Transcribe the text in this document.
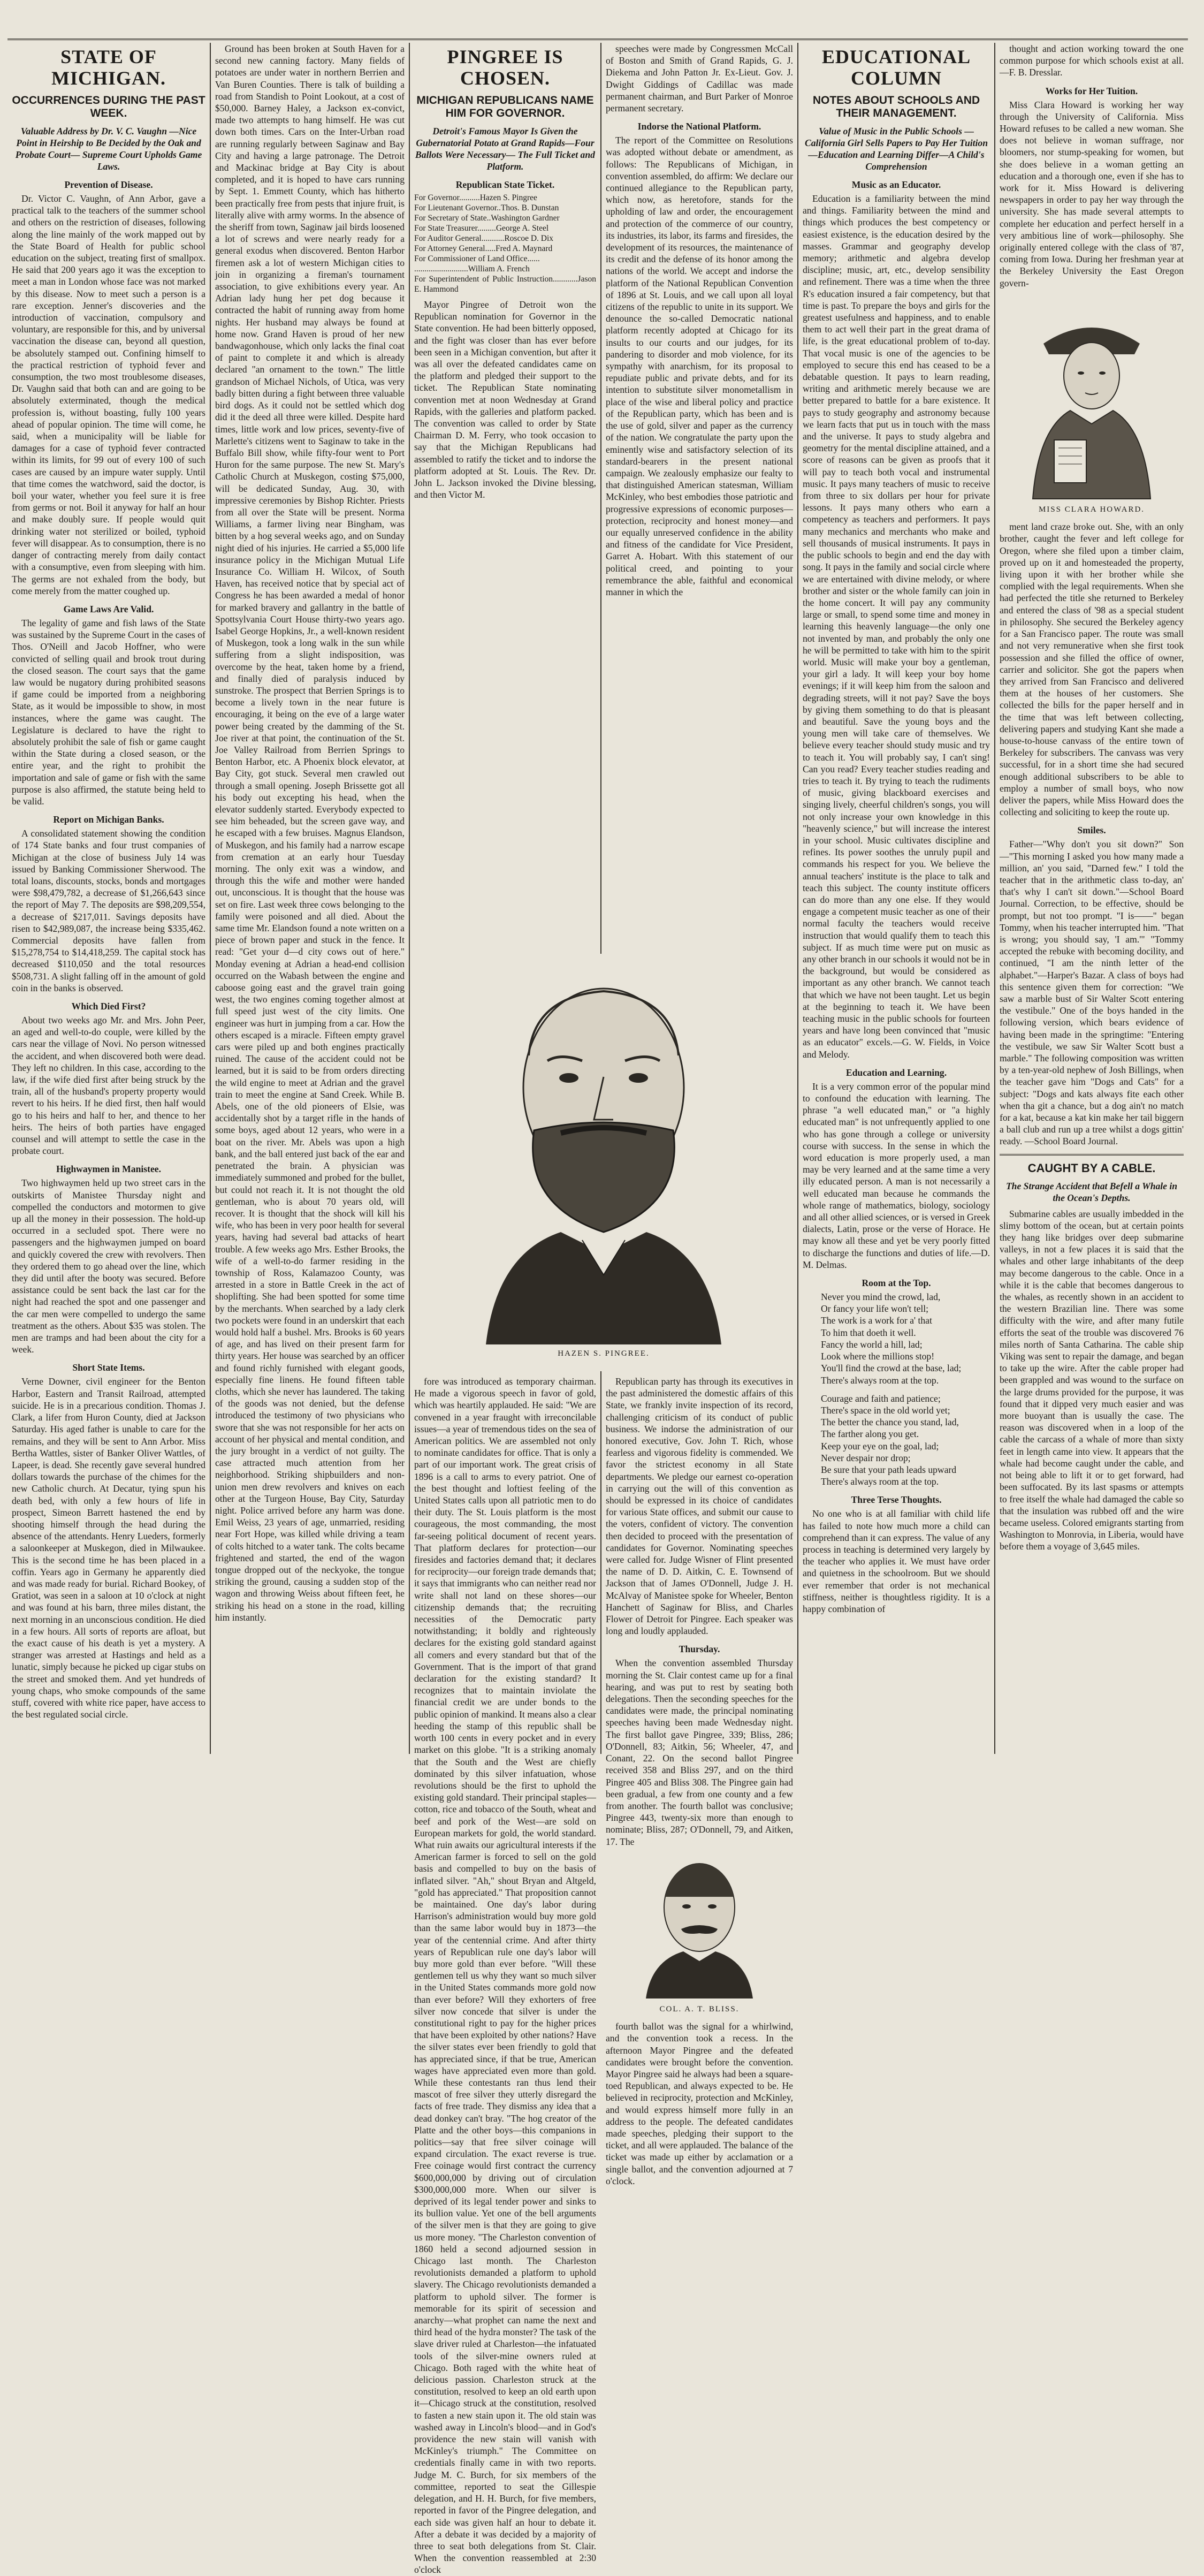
STATE OF MICHIGAN.
OCCURRENCES DURING THE PAST WEEK.
Valuable Address by Dr. V. C. Vaughn —Nice Point in Heirship to Be Decided by the Oak and Probate Court— Supreme Court Upholds Game Laws.
Prevention of Disease.

Dr. Victor C. Vaughn, of Ann Arbor, gave a practical talk to the teachers of the summer school and others on the restriction of diseases, following along the line mainly of the work mapped out by the State Board of Health for public school education on the subject, treating first of smallpox. He said that 200 years ago it was the exception to meet a man in London whose face was not marked by this disease. Now to meet such a person is a rare exception. Jenner's discoveries and the introduction of vaccination, compulsory and voluntary, are responsible for this, and by universal vaccination the disease can, beyond all question, be absolutely stamped out. Confining himself to the practical restriction of typhoid fever and consumption, the two most troublesome diseases, Dr. Vaughn said that both can and are going to be absolutely exterminated, though the medical profession is, without boasting, fully 100 years ahead of popular opinion. The time will come, he said, when a municipality will be liable for damages for a case of typhoid fever contracted within its limits, for 99 out of every 100 of such cases are caused by an impure water supply. Until that time comes the watchword, said the doctor, is boil your water, whether you feel sure it is free from germs or not. Boil it anyway for half an hour and make doubly sure. If people would quit drinking water not sterilized or boiled, typhoid fever will disappear. As to consumption, there is no danger of contracting merely from daily contact with a consumptive, even from sleeping with him. The germs are not exhaled from the body, but come merely from the matter coughed up.

Game Laws Are Valid.

The legality of game and fish laws of the State was sustained by the Supreme Court in the cases of Thos. O'Neill and Jacob Hoffner, who were convicted of selling quail and brook trout during the closed season. The court says that the game law would be nugatory during prohibited seasons if game could be imported from a neighboring State, as it would be impossible to show, in most instances, where the game was caught. The Legislature is declared to have the right to absolutely prohibit the sale of fish or game caught within the State during a closed season, or the entire year, and the right to prohibit the importation and sale of game or fish with the same purpose is also affirmed, the statute being held to be valid.

Report on Michigan Banks.

A consolidated statement showing the condition of 174 State banks and four trust companies of Michigan at the close of business July 14 was issued by Banking Commissioner Sherwood. The total loans, discounts, stocks, bonds and mortgages were $98,479,782, a decrease of $1,266,643 since the report of May 7. The deposits are $98,209,554, a decrease of $217,011. Savings deposits have risen to $42,989,087, the increase being $335,462. Commercial deposits have fallen from $15,278,754 to $14,418,259. The capital stock has decreased $110,050 and the total resources $508,731. A slight falling off in the amount of gold coin in the banks is observed.

Which Died First?

About two weeks ago Mr. and Mrs. John Peer, an aged and well-to-do couple, were killed by the cars near the village of Novi. No person witnessed the accident, and when discovered both were dead. They left no children. In this case, according to the law, if the wife died first after being struck by the train, all of the husband's property property would revert to his heirs. If he died first, then half would go to his heirs and half to her, and thence to her heirs. The heirs of both parties have engaged counsel and will attempt to settle the case in the probate court.

Highwaymen in Manistee.

Two highwaymen held up two street cars in the outskirts of Manistee Thursday night and compelled the conductors and motormen to give up all the money in their possession. The hold-up occurred in a secluded spot. There were no passengers and the highwaymen jumped on board and quickly covered the crew with revolvers. Then they ordered them to go ahead over the line, which they did until after the booty was secured. Before assistance could be sent back the last car for the night had reached the spot and one passenger and the car men were compelled to undergo the same treatment as the others. About $35 was stolen. The men are tramps and had been about the city for a week.

Short State Items.

Verne Downer, civil engineer for the Benton Harbor, Eastern and Transit Railroad, attempted suicide. He is in a precarious condition. Thomas J. Clark, a lifer from Huron County, died at Jackson Saturday. His aged father is unable to care for the remains, and they will be sent to Ann Arbor. Miss Bertha Wattles, sister of Banker Oliver Wattles, of Lapeer, is dead. She recently gave several hundred dollars towards the purchase of the chimes for the new Catholic church. At Decatur, tying spun his death bed, with only a few hours of life in prospect, Simeon Barrett hastened the end by shooting himself through the head during the absence of the attendants. Henry Lueders, formerly a saloonkeeper at Muskegon, died in Milwaukee. This is the second time he has been placed in a coffin. Years ago in Germany he apparently died and was made ready for burial. Richard Bookey, of Gratiot, was seen in a saloon at 10 o'clock at night and was found at his barn, three miles distant, the next morning in an unconscious condition. He died in a few hours. All sorts of reports are afloat, but the exact cause of his death is yet a mystery. A stranger was arrested at Hastings and held as a lunatic, simply because he picked up cigar stubs on the street and smoked them. And yet hundreds of young chaps, who smoke compounds of the same stuff, covered with white rice paper, have access to the best regulated social circle.

Ground has been broken at South Haven for a second new canning factory. Many fields of potatoes are under water in northern Berrien and Van Buren Counties. There is talk of building a road from Standish to Point Lookout, at a cost of $50,000. Barney Haley, a Jackson ex-convict, made two attempts to hang himself. He was cut down both times. Cars on the Inter-Urban road are running regularly between Saginaw and Bay City and having a large patronage. The Detroit and Mackinac bridge at Bay City is about completed, and it is hoped to have cars running by Sept. 1. Emmett County, which has hitherto been practically free from pests that injure fruit, is literally alive with army worms. In the absence of the sheriff from town, Saginaw jail birds loosened a lot of screws and were nearly ready for a general exodus when discovered. Benton Harbor firemen ask a lot of western Michigan cities to join in organizing a fireman's tournament association, to give exhibitions every year. An Adrian lady hung her pet dog because it contracted the habit of running away from home nights. Her husband may always be found at home now. Grand Haven is proud of her new bandwagonhouse, which only lacks the final coat of paint to complete it and which is already declared "an ornament to the town." The little grandson of Michael Nichols, of Utica, was very badly bitten during a fight between three valuable bird dogs. As it could not be settled which dog did it the deed all three were killed. Despite hard times, little work and low prices, seventy-five of Marlette's citizens went to Saginaw to take in the Buffalo Bill show, while fifty-four went to Port Huron for the same purpose. The new St. Mary's Catholic Church at Muskegon, costing $75,000, will be dedicated Sunday, Aug. 30, with impressive ceremonies by Bishop Richter. Priests from all over the State will be present. Norma Williams, a farmer living near Bingham, was bitten by a hog several weeks ago, and on Sunday night died of his injuries. He carried a $5,000 life insurance policy in the Michigan Mutual Life Insurance Co. William H. Wilcox, of South Haven, has received notice that by special act of Congress he has been awarded a medal of honor for marked bravery and gallantry in the battle of Spottsylvania Court House thirty-two years ago. Isabel George Hopkins, Jr., a well-known resident of Muskegon, took a long walk in the sun while suffering from a slight indisposition, was overcome by the heat, taken home by a friend, and finally died of paralysis induced by sunstroke. The prospect that Berrien Springs is to become a lively town in the near future is encouraging, it being on the eve of a large water power being created by the damming of the St. Joe river at that point, the continuation of the St. Joe Valley Railroad from Berrien Springs to Benton Harbor, etc. A Phoenix block elevator, at Bay City, got stuck. Several men crawled out through a small opening. Joseph Brissette got all his body out excepting his head, when the elevator suddenly started. Everybody expected to see him beheaded, but the screen gave way, and he escaped with a few bruises. Magnus Elandson, of Muskegon, and his family had a narrow escape from cremation at an early hour Tuesday morning. The only exit was a window, and through this the wife and mother were handed out, unconscious. It is thought that the house was set on fire. Last week three cows belonging to the family were poisoned and all died. About the same time Mr. Elandson found a note written on a piece of brown paper and stuck in the fence. It read: "Get your d—d city cows out of here." Monday evening at Adrian a head-end collision occurred on the Wabash between the engine and caboose going east and the gravel train going west, the two engines coming together almost at full speed just west of the city limits. One engineer was hurt in jumping from a car. How the others escaped is a miracle. Fifteen empty gravel cars were piled up and both engines practically ruined. The cause of the accident could not be learned, but it is said to be from orders directing the wild engine to meet at Adrian and the gravel train to meet the engine at Sand Creek. While B. Abels, one of the old pioneers of Elsie, was accidentally shot by a target rifle in the hands of some boys, aged about 12 years, who were in a boat on the river. Mr. Abels was upon a high bank, and the ball entered just back of the ear and penetrated the brain. A physician was immediately summoned and probed for the bullet, but could not reach it. It is not thought the old gentleman, who is about 70 years old, will recover. It is thought that the shock will kill his wife, who has been in very poor health for several years, having had several bad attacks of heart trouble. A few weeks ago Mrs. Esther Brooks, the wife of a well-to-do farmer residing in the township of Ross, Kalamazoo County, was arrested in a store in Battle Creek in the act of shoplifting. She had been spotted for some time by the merchants. When searched by a lady clerk two pockets were found in an underskirt that each would hold half a bushel. Mrs. Brooks is 60 years of age, and has lived on their present farm for thirty years. Her house was searched by an officer and found richly furnished with elegant goods, especially fine linens. He found fifteen table cloths, which she never has laundered. The taking of the goods was not denied, but the defense introduced the testimony of two physicians who swore that she was not responsible for her acts on account of her physical and mental condition, and the jury brought in a verdict of not guilty. The case attracted much attention from her neighborhood. Striking shipbuilders and non-union men drew revolvers and knives on each other at the Turgeon House, Bay City, Saturday night. Police arrived before any harm was done. Emil Weiss, 23 years of age, unmarried, residing near Fort Hope, was killed while driving a team of colts hitched to a water tank. The colts became frightened and started, the end of the wagon tongue dropped out of the neckyoke, the tongue striking the ground, causing a sudden stop of the wagon and throwing Weiss about fifteen feet, he striking his head on a stone in the road, killing him instantly.

PINGREE IS CHOSEN.
MICHIGAN REPUBLICANS NAME HIM FOR GOVERNOR.
Detroit's Famous Mayor Is Given the Gubernatorial Potato at Grand Rapids—Four Ballots Were Necessary— The Full Ticket and Platform.
Republican State Ticket.

For Governor..........Hazen S. Pingree

For Lieutenant Governor..Thos. B. Dunstan

For Secretary of State..Washington Gardner

For State Treasurer.........George A. Steel

For Auditor General...........Roscoe D. Dix

For Attorney General.....Fred A. Maynard

For Commissioner of Land Office......

..........................William A. French

For Superintendent of Public Instruction............Jason E. Hammond

Mayor Pingree of Detroit won the Republican nomination for Governor in the State convention. He had been bitterly opposed, and the fight was closer than has ever before been seen in a Michigan convention, but after it was all over the defeated candidates came on the platform and pledged their support to the ticket. The Republican State nominating convention met at noon Wednesday at Grand Rapids, with the galleries and platform packed. The convention was called to order by State Chairman D. M. Ferry, who took occasion to say that the Michigan Republicans had assembled to ratify the ticket and to indorse the platform adopted at St. Louis. The Rev. Dr. John L. Jackson invoked the Divine blessing, and then Victor M.

speeches were made by Congressmen McCall of Boston and Smith of Grand Rapids, G. J. Diekema and John Patton Jr. Ex-Lieut. Gov. J. Dwight Giddings of Cadillac was made permanent chairman, and Burt Parker of Monroe permanent secretary.

Indorse the National Platform.

The report of the Committee on Resolutions was adopted without debate or amendment, as follows: The Republicans of Michigan, in convention assembled, do affirm: We declare our continued allegiance to the Republican party, which now, as heretofore, stands for the upholding of law and order, the encouragement and protection of the commerce of our country, its industries, its labor, its farms and firesides, the development of its resources, the maintenance of its credit and the defense of its honor among the nations of the world. We accept and indorse the platform of the National Republican Convention of 1896 at St. Louis, and we call upon all loyal citizens of the republic to unite in its support. We denounce the so-called Democratic national platform recently adopted at Chicago for its insults to our courts and our judges, for its pandering to disorder and mob violence, for its sympathy with anarchism, for its proposal to repudiate public and private debts, and for its intention to substitute silver monometallism in place of the wise and liberal policy and practice of the Republican party, which has been and is the use of gold, silver and paper as the currency of the nation. We congratulate the party upon the eminently wise and satisfactory selection of its standard-bearers in the present national campaign. We zealously emphasize our fealty to that distinguished American statesman, William McKinley, who best embodies those patriotic and progressive expressions of economic purposes—protection, reciprocity and honest money—and our equally unreserved confidence in the ability and fitness of the candidate for Vice President, Garret A. Hobart. With this statement of our political creed, and pointing to your remembrance the able, faithful and economical manner in which the

HAZEN S. PINGREE.

fore was introduced as temporary chairman. He made a vigorous speech in favor of gold, which was heartily applauded. He said: "We are convened in a year fraught with irreconcilable issues—a year of tremendous tides on the sea of American politics. We are assembled not only to nominate candidates for office. That is only a part of our important work. The great crisis of 1896 is a call to arms to every patriot. One of the best thought and loftiest feeling of the United States calls upon all patriotic men to do their duty. The St. Louis platform is the most courageous, the most commanding, the most far-seeing political document of recent years. That platform declares for protection—our firesides and factories demand that; it declares for reciprocity—our foreign trade demands that; it says that immigrants who can neither read nor write shall not land on these shores—our citizenship demands that; the recruiting necessities of the Democratic party notwithstanding; it boldly and righteously declares for the existing gold standard against all comers and every standard but that of the Government. That is the import of that grand declaration for the existing standard? It recognizes that to maintain inviolate the financial credit we are under bonds to the public opinion of mankind. It means also a clear heeding the stamp of this republic shall be worth 100 cents in every pocket and in every market on this globe. "It is a striking anomaly that the South and the West are chiefly dominated by this silver infatuation, whose revolutions should be the first to uphold the existing gold standard. Their principal staples—cotton, rice and tobacco of the South, wheat and beef and pork of the West—are sold on European markets for gold, the world standard. What ruin awaits our agricultural interests if the American farmer is forced to sell on the gold basis and compelled to buy on the basis of inflated silver. "Ah," shout Bryan and Altgeld, "gold has appreciated." That proposition cannot be maintained. One day's labor during Harrison's administration would buy more gold than the same labor would buy in 1873—the year of the centennial crime. And after thirty years of Republican rule one day's labor will buy more gold than ever before. "Will these gentlemen tell us why they want so much silver in the United States commands more gold now than ever before? Will they exhorters of free silver now concede that silver is under the constitutional right to pay for the higher prices that have been exploited by other nations? Have the silver states ever been friendly to gold that has appreciated since, if that be true, American wages have appreciated even more than gold. While these contestants ran thus lend their mascot of free silver they utterly disregard the facts of free trade. They dismiss any idea that a dead donkey can't bray. "The hog creator of the Platte and the other boys—this companions in politics—say that free silver coinage will expand circulation. The exact reverse is true. Free coinage would first contract the currency $600,000,000 by driving out of circulation $300,000,000 more. When our silver is deprived of its legal tender power and sinks to its bullion value. Yet one of the bell arguments of the silver men is that they are going to give us more money. "The Charleston convention of 1860 held a second adjourned session in Chicago last month. The Charleston revolutionists demanded a platform to uphold slavery. The Chicago revolutionists demanded a platform to uphold silver. The former is memorable for its spirit of secession and anarchy—what prophet can name the next and third head of the hydra monster? The task of the slave driver ruled at Charleston—the infatuated tools of the silver-mine owners ruled at Chicago. Both raged with the white heat of delicious passion. Charleston struck at the constitution, resolved to keep an old earth upon it—Chicago struck at the constitution, resolved to fasten a new stain upon it. The old stain was washed away in Lincoln's blood—and in God's providence the new stain will vanish with McKinley's triumph." The Committee on credentials finally came in with two reports. Judge M. C. Burch, for six members of the committee, reported to seat the Gillespie delegation, and H. H. Burch, for five members, reported in favor of the Pingree delegation, and each side was given half an hour to debate it. After a debate it was decided by a majority of three to seat both delegations from St. Clair. When the convention reassembled at 2:30 o'clock

Republican party has through its executives in the past administered the domestic affairs of this State, we frankly invite inspection of its record, challenging criticism of its conduct of public business. We indorse the administration of our honored executive, Gov. John T. Rich, whose fearless and vigorous fidelity is commended. We favor the strictest economy in all State departments. We pledge our earnest co-operation in carrying out the will of this convention as should be expressed in its choice of candidates for various State offices, and submit our cause to the voters, confident of victory. The convention then decided to proceed with the presentation of candidates for Governor. Nominating speeches were called for. Judge Wisner of Flint presented the name of D. D. Aitkin, C. E. Townsend of Jackson that of James O'Donnell, Judge J. H. McAlvay of Manistee spoke for Wheeler, Benton Hanchett of Saginaw for Bliss, and Charles Flower of Detroit for Pingree. Each speaker was long and loudly applauded.

Thursday.

When the convention assembled Thursday morning the St. Clair contest came up for a final hearing, and was put to rest by seating both delegations. Then the seconding speeches for the candidates were made, the principal nominating speeches having been made Wednesday night. The first ballot gave Pingree, 339; Bliss, 286; O'Donnell, 83; Aitkin, 56; Wheeler, 47, and Conant, 22. On the second ballot Pingree received 358 and Bliss 297, and on the third Pingree 405 and Bliss 308. The Pingree gain had been gradual, a few from one county and a few from another. The fourth ballot was conclusive; Pingree 443, twenty-six more than enough to nominate; Bliss, 287; O'Donnell, 79, and Aitken, 17. The

COL. A. T. BLISS.

fourth ballot was the signal for a whirlwind, and the convention took a recess. In the afternoon Mayor Pingree and the defeated candidates were brought before the convention. Mayor Pingree said he always had been a square-toed Republican, and always expected to be. He believed in reciprocity, protection and McKinley, and would express himself more fully in an address to the people. The defeated candidates made speeches, pledging their support to the ticket, and all were applauded. The balance of the ticket was made up either by acclamation or a single ballot, and the convention adjourned at 7 o'clock.

EDUCATIONAL COLUMN
NOTES ABOUT SCHOOLS AND THEIR MANAGEMENT.
Value of Music in the Public Schools —California Girl Sells Papers to Pay Her Tuition—Education and Learning Differ—A Child's Comprehension
Music as an Educator.

Education is a familiarity between the mind and things. Familiarity between the mind and things which produces the best competency or easiest existence, is the education desired by the masses. Grammar and geography develop memory; arithmetic and algebra develop discipline; music, art, etc., develop sensibility and refinement. There was a time when the three R's education insured a fair competency, but that time is past. To prepare the boys and girls for the greatest usefulness and happiness, and to enable them to act well their part in the great drama of life, is the great educational problem of to-day. That vocal music is one of the agencies to be employed to secure this end has ceased to be a debatable question. It pays to learn reading, writing and arithmetic merely because we are better prepared to battle for a bare existence. It pays to study geography and astronomy because we learn facts that put us in touch with the mass and the universe. It pays to study algebra and geometry for the mental discipline attained, and a score of reasons can be given as proofs that it will pay to teach both vocal and instrumental music. It pays many teachers of music to receive from three to six dollars per hour for private lessons. It pays many others who earn a competency as teachers and performers. It pays many mechanics and merchants who make and sell thousands of musical instruments. It pays in the public schools to begin and end the day with song. It pays in the family and social circle where we are entertained with divine melody, or where brother and sister or the whole family can join in the home concert. It will pay any community large or small, to spend some time and money in learning this heavenly language—the only one not invented by man, and probably the only one he will be permitted to take with him to the spirit world. Music will make your boy a gentleman, your girl a lady. It will keep your boy home evenings; if it will keep him from the saloon and degrading streets, will it not pay? Save the boys by giving them something to do that is pleasant and beautiful. Save the young boys and the young men will take care of themselves. We believe every teacher should study music and try to teach it. You will probably say, I can't sing! Can you read? Every teacher studies reading and tries to teach it. By trying to teach the rudiments of music, giving blackboard exercises and singing lively, cheerful children's songs, you will not only increase your own knowledge in this "heavenly science," but will increase the interest in your school. Music cultivates discipline and refines. Its power soothes the unruly pupil and commands his respect for you. We believe the annual teachers' institute is the place to talk and teach this subject. The county institute officers can do more than any one else. If they would engage a competent music teacher as one of their normal faculty the teachers would receive instruction that would qualify them to teach this subject. If as much time were put on music as any other branch in our schools it would not be in the background, but would be considered as important as any other branch. We cannot teach that which we have not been taught. Let us begin at the beginning to teach it. We have been teaching music in the public schools for fourteen years and have long been convinced that "music as an educator" excels.—G. W. Fields, in Voice and Melody.

Education and Learning.

It is a very common error of the popular mind to confound the education with learning. The phrase "a well educated man," or "a highly educated man" is not unfrequently applied to one who has gone through a college or university course with success. In the sense in which the word education is more properly used, a man may be very learned and at the same time a very illy educated person. A man is not necessarily a well educated man because he commands the whole range of mathematics, biology, sociology and all other allied sciences, or is versed in Greek dialects, Latin, prose or the verse of Horace. He may know all these and yet be very poorly fitted to discharge the functions and duties of life.—D. M. Delmas.

Room at the Top.

Never you mind the crowd, lad,

Or fancy your life won't tell;

The work is a work for a' that

To him that doeth it well.

Fancy the world a hill, lad;

Look where the millions stop!

You'll find the crowd at the base, lad;

There's always room at the top.

Courage and faith and patience;

There's space in the old world yet;

The better the chance you stand, lad,

The farther along you get.

Keep your eye on the goal, lad;

Never despair nor drop;

Be sure that your path leads upward

There's always room at the top.

Three Terse Thoughts.

No one who is at all familiar with child life has failed to note how much more a child can comprehend than it can express. The value of any process in teaching is determined very largely by the teacher who applies it. We must have order and quietness in the schoolroom. But we should ever remember that order is not mechanical stiffness, neither is thoughtless rigidity. It is a happy combination of

thought and action working toward the one common purpose for which schools exist at all.—F. B. Dresslar.

Works for Her Tuition.

Miss Clara Howard is working her way through the University of California. Miss Howard refuses to be called a new woman. She does not believe in woman suffrage, nor bloomers, nor stump-speaking for women, but she does believe in a woman getting an education and a thorough one, even if she has to work for it. Miss Howard is delivering newspapers in order to pay her way through the university. She has made several attempts to complete her education and perfect herself in a very ambitious line of work—philosophy. She originally entered college with the class of '87, coming from Iowa. During her freshman year at the Berkeley University the East Oregon govern-

MISS CLARA HOWARD.

ment land craze broke out. She, with an only brother, caught the fever and left college for Oregon, where she filed upon a timber claim, proved up on it and homesteaded the property, living upon it with her brother while she complied with the legal requirements. When she had perfected the title she returned to Berkeley and entered the class of '98 as a special student in philosophy. She secured the Berkeley agency for a San Francisco paper. The route was small and not very remunerative when she first took possession and she filled the office of owner, carrier and solicitor. She got the papers when they arrived from San Francisco and delivered them at the houses of her customers. She collected the bills for the paper herself and in the time that was left between collecting, delivering papers and studying Kant she made a house-to-house canvass of the entire town of Berkeley for subscribers. The canvass was very successful, for in a short time she had secured enough additional subscribers to be able to employ a number of small boys, who now deliver the papers, while Miss Howard does the collecting and soliciting to keep the route up.

Smiles.

Father—"Why don't you sit down?" Son—"This morning I asked you how many made a million, an' you said, "Darned few." I told the teacher that in the arithmetic class to-day, an' that's why I can't sit down."—School Board Journal. Correction, to be effective, should be prompt, but not too prompt. "I is——" began Tommy, when his teacher interrupted him. "That is wrong; you should say, 'I am.'" "Tommy accepted the rebuke with becoming docility, and continued, "I am the ninth letter of the alphabet."—Harper's Bazar. A class of boys had this sentence given them for correction: "We saw a marble bust of Sir Walter Scott entering the vestibule." One of the boys handed in the following version, which bears evidence of having been made in the springtime: "Entering the vestibule, we saw Sir Walter Scott bust a marble." The following composition was written by a ten-year-old nephew of Josh Billings, when the teacher gave him "Dogs and Cats" for a subject: "Dogs and kats always fite each other when tha git a chance, but a dog ain't no match for a kat, because a kat kin make her tail biggern a ball club and run up a tree whilst a dogs gittin' ready. —School Board Journal.

CAUGHT BY A CABLE.
The Strange Accident that Befell a Whale in the Ocean's Depths.

Submarine cables are usually imbedded in the slimy bottom of the ocean, but at certain points they hang like bridges over deep submarine valleys, in not a few places it is said that the whales and other large inhabitants of the deep may become dangerous to the cable. Once in a while it is the cable that becomes dangerous to the whales, as recently shown in an accident to the western Brazilian line. There was some difficulty with the wire, and after many futile efforts the seat of the trouble was discovered 76 miles north of Santa Catharina. The cable ship Viking was sent to repair the damage, and began to take up the wire. After the cable proper had been grappled and was wound to the surface on the large drums provided for the purpose, it was found that it dipped very much easier and was more buoyant than is usually the case. The reason was discovered when in a loop of the cable the carcass of a whale of more than sixty feet in length came into view. It appears that the whale had become caught under the cable, and not being able to lift it or to get forward, had been suffocated. By its last spasms or attempts to free itself the whale had damaged the cable so that the insulation was rubbed off and the wire became useless. Colored emigrants starting from Washington to Monrovia, in Liberia, would have before them a voyage of 3,645 miles.
